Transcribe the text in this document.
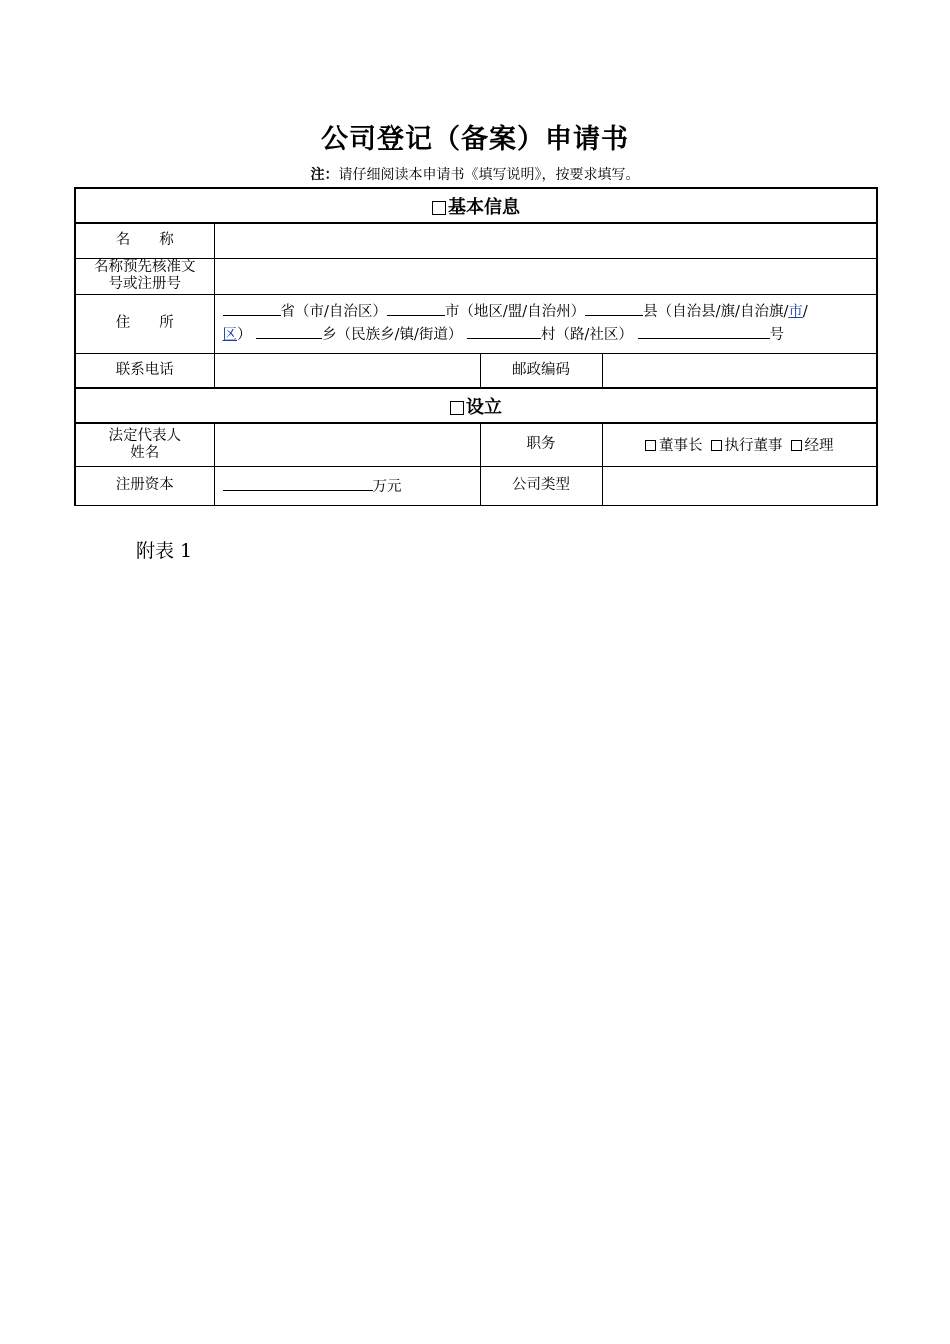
公司登记（备案）申请书
注：请仔细阅读本申请书《填写说明》，按要求填写。
基本信息			
名　　称			

名称预先核准文
号或注册号			

住　　所	省（市/自治区） 市（地区/盟/自治州） 县（自治县/旗/自治旗/市/
区） 乡（民族乡/镇/街道） 村（路/社区） 号		
联系电话		邮政编码	
设立			

法定代表人
姓名		职务	董事长 执行董事 经理
注册资本	万元	公司类型	
附表 1
